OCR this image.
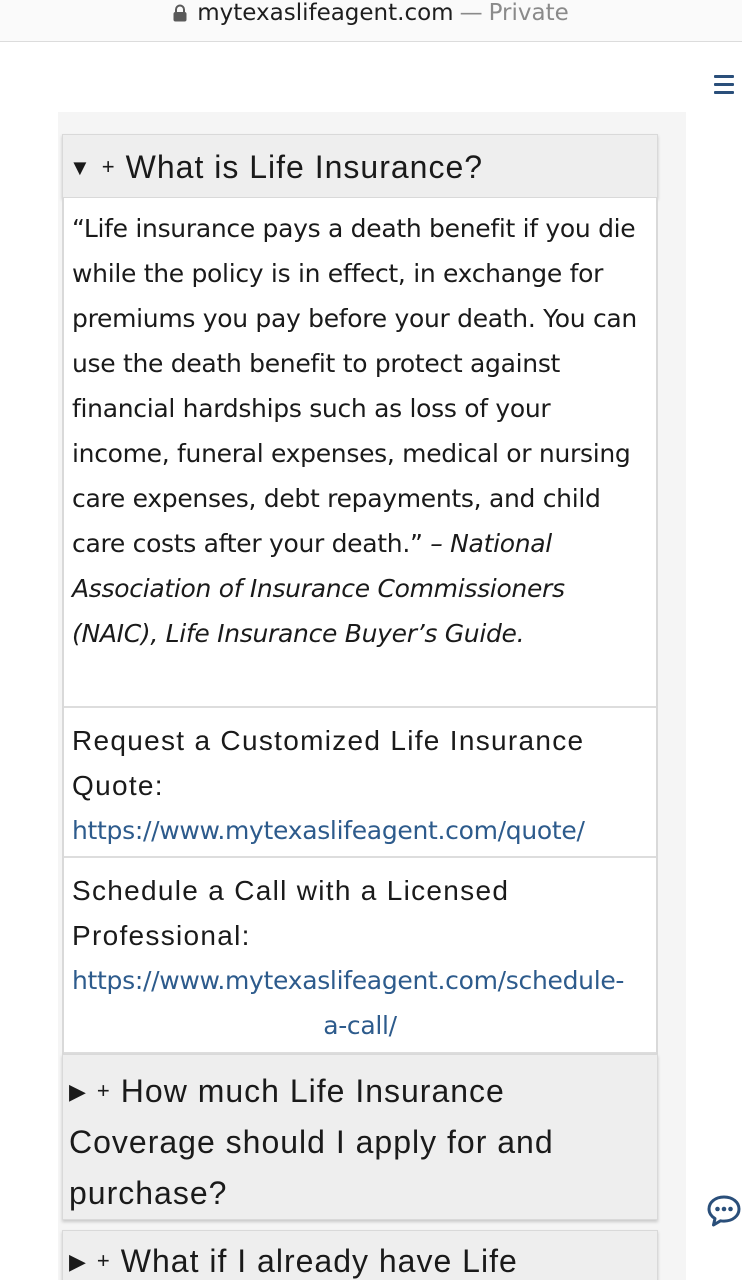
mytexaslifeagent.com — Private
▼ + What is Life Insurance?

“Life insurance pays a death benefit if you die while the policy is in effect, in exchange for premiums you pay before your death. You can use the death benefit to protect against financial hardships such as loss of your income, funeral expenses, medical or nursing care expenses, debt repayments, and child care costs after your death.” – National Association of Insurance Commissioners (NAIC), Life Insurance Buyer’s Guide.

Request a Customized Life Insurance Quote:
https://www.mytexaslifeagent.com/quote/
Schedule a Call with a Licensed Professional:
https://www.mytexaslifeagent.com/schedule-
a-call/
▶ + How much Life Insurance Coverage should I apply for and purchase?
▶ + What if I already have Life
